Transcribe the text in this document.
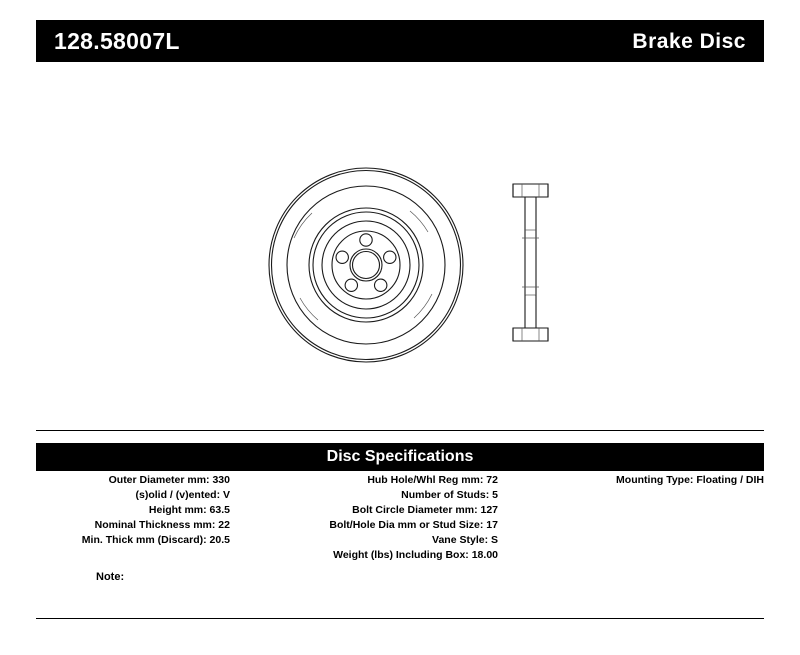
128.58007L	Brake Disc
Disc Specifications
Outer Diameter mm: 330
(s)olid / (v)ented: V
Height mm: 63.5
Nominal Thickness mm: 22
Min. Thick mm (Discard): 20.5
Hub Hole/Whl Reg mm: 72
Number of Studs: 5
Bolt Circle Diameter mm: 127
Bolt/Hole Dia mm or Stud Size: 17
Vane Style: S
Weight (lbs) Including Box: 18.00
Mounting Type: Floating / DIH
Note:
